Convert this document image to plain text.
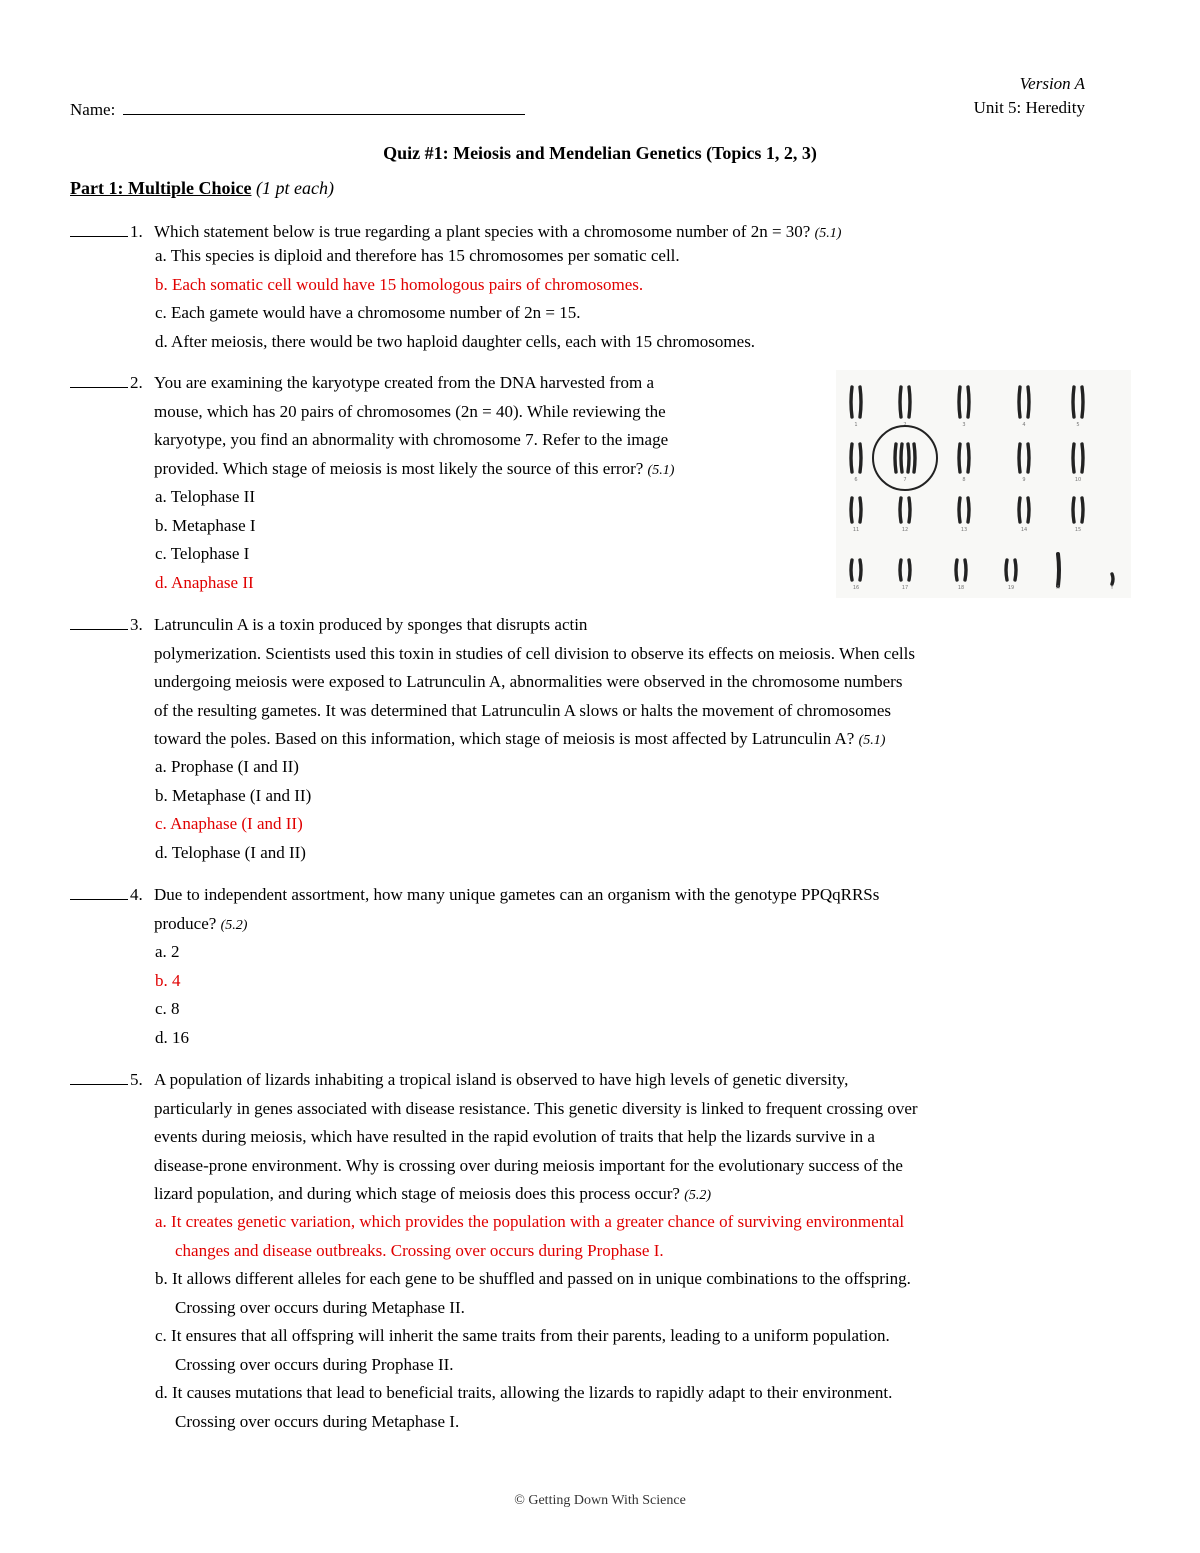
Version A
Unit 5: Heredity
Name:
Quiz #1: Meiosis and Mendelian Genetics (Topics 1, 2, 3)
Part 1: Multiple Choice (1 pt each)
1. Which statement below is true regarding a plant species with a chromosome number of 2n = 30? (5.1)
a. This species is diploid and therefore has 15 chromosomes per somatic cell.
b. Each somatic cell would have 15 homologous pairs of chromosomes.
c. Each gamete would have a chromosome number of 2n = 15.
d. After meiosis, there would be two haploid daughter cells, each with 15 chromosomes.
2. You are examining the karyotype created from the DNA harvested from a
mouse, which has 20 pairs of chromosomes (2n = 40). While reviewing the
karyotype, you find an abnormality with chromosome 7. Refer to the image
provided. Which stage of meiosis is most likely the source of this error? (5.1)
a. Telophase II
b. Metaphase I
c. Telophase I
d. Anaphase II
1	2	3	4	5
6	7	8	9	10
11	12	13	14	15
16	17	18	19	X	Y
3. Latrunculin A is a toxin produced by sponges that disrupts actin
polymerization. Scientists used this toxin in studies of cell division to observe its effects on meiosis. When cells
undergoing meiosis were exposed to Latrunculin A, abnormalities were observed in the chromosome numbers
of the resulting gametes. It was determined that Latrunculin A slows or halts the movement of chromosomes
toward the poles. Based on this information, which stage of meiosis is most affected by Latrunculin A? (5.1)
a. Prophase (I and II)
b. Metaphase (I and II)
c. Anaphase (I and II)
d. Telophase (I and II)
4. Due to independent assortment, how many unique gametes can an organism with the genotype PPQqRRSs
produce? (5.2)
a. 2
b. 4
c. 8
d. 16
5. A population of lizards inhabiting a tropical island is observed to have high levels of genetic diversity,
particularly in genes associated with disease resistance. This genetic diversity is linked to frequent crossing over
events during meiosis, which have resulted in the rapid evolution of traits that help the lizards survive in a
disease-prone environment. Why is crossing over during meiosis important for the evolutionary success of the
lizard population, and during which stage of meiosis does this process occur? (5.2)
a. It creates genetic variation, which provides the population with a greater chance of surviving environmental
changes and disease outbreaks. Crossing over occurs during Prophase I.
b. It allows different alleles for each gene to be shuffled and passed on in unique combinations to the offspring.
Crossing over occurs during Metaphase II.
c. It ensures that all offspring will inherit the same traits from their parents, leading to a uniform population.
Crossing over occurs during Prophase II.
d. It causes mutations that lead to beneficial traits, allowing the lizards to rapidly adapt to their environment.
Crossing over occurs during Metaphase I.
© Getting Down With Science
